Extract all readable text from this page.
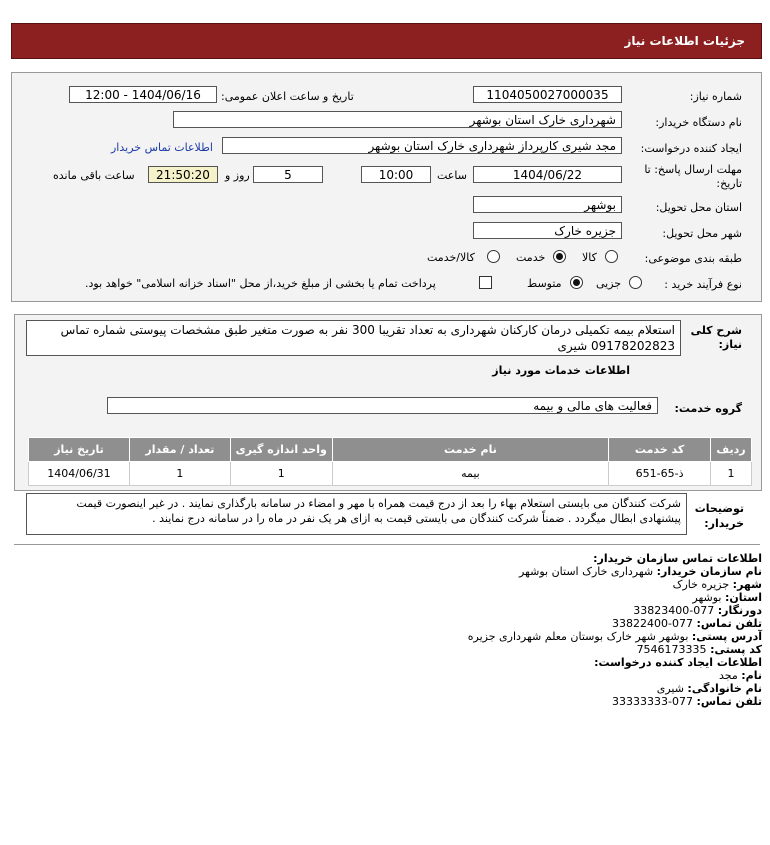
جزئیات اطلاعات نیاز
شماره نیاز:
1104050027000035
تاریخ و ساعت اعلان عمومی:
1404/06/16 - 12:00
نام دستگاه خریدار:
شهرداری خارک استان بوشهر
ایجاد کننده درخواست:
مجد شیری کارپرداز شهرداری خارک استان بوشهر
اطلاعات تماس خریدار
مهلت ارسال پاسخ: تا تاریخ:
1404/06/22
ساعت
10:00
5
روز و
21:50:20
ساعت باقی مانده
استان محل تحویل:
بوشهر
شهر محل تحویل:
جزیره خارک
طبقه بندی موضوعی:
کالا
خدمت
کالا/خدمت
نوع فرآیند خرید :
جزیی
متوسط
پرداخت تمام یا بخشی از مبلغ خرید،از محل "اسناد خزانه اسلامی" خواهد بود.
شرح کلی نیاز:
استعلام بیمه تکمیلی درمان کارکنان شهرداری به تعداد تقریبا 300 نفر به صورت متغیر طبق مشخصات پیوستی شماره تماس 09178202823 شیری
اطلاعات خدمات مورد نیاز
گروه خدمت:
فعالیت های مالی و بیمه
ردیف	کد خدمت	نام خدمت	واحد اندازه گیری	تعداد / مقدار	تاریخ نیاز
1	ذ-65-651	بیمه	1	1	1404/06/31
توضیحات خریدار:
شرکت کنندگان می بایستی استعلام بهاء را بعد از درج قیمت همراه با مهر و امضاء در سامانه بارگذاری نمایند . در غیر اینصورت قیمت پیشنهادی ابطال میگردد . ضمناً شرکت کنندگان می بایستی قیمت به ازای هر یک نفر در ماه را در سامانه درج نمایند .
اطلاعات تماس سازمان خریدار:
نام سازمان خریدار: شهرداری خارک استان بوشهر
شهر: جزیره خارک
استان: بوشهر
دورنگار: 077-33823400
تلفن تماس: 077-33822400
آدرس پستی: بوشهر شهر خارک بوستان معلم شهرداری جزیره
کد پستی: 7546173335
اطلاعات ایجاد کننده درخواست:
نام: مجد
نام خانوادگی: شیری
تلفن تماس: 077-33333333
